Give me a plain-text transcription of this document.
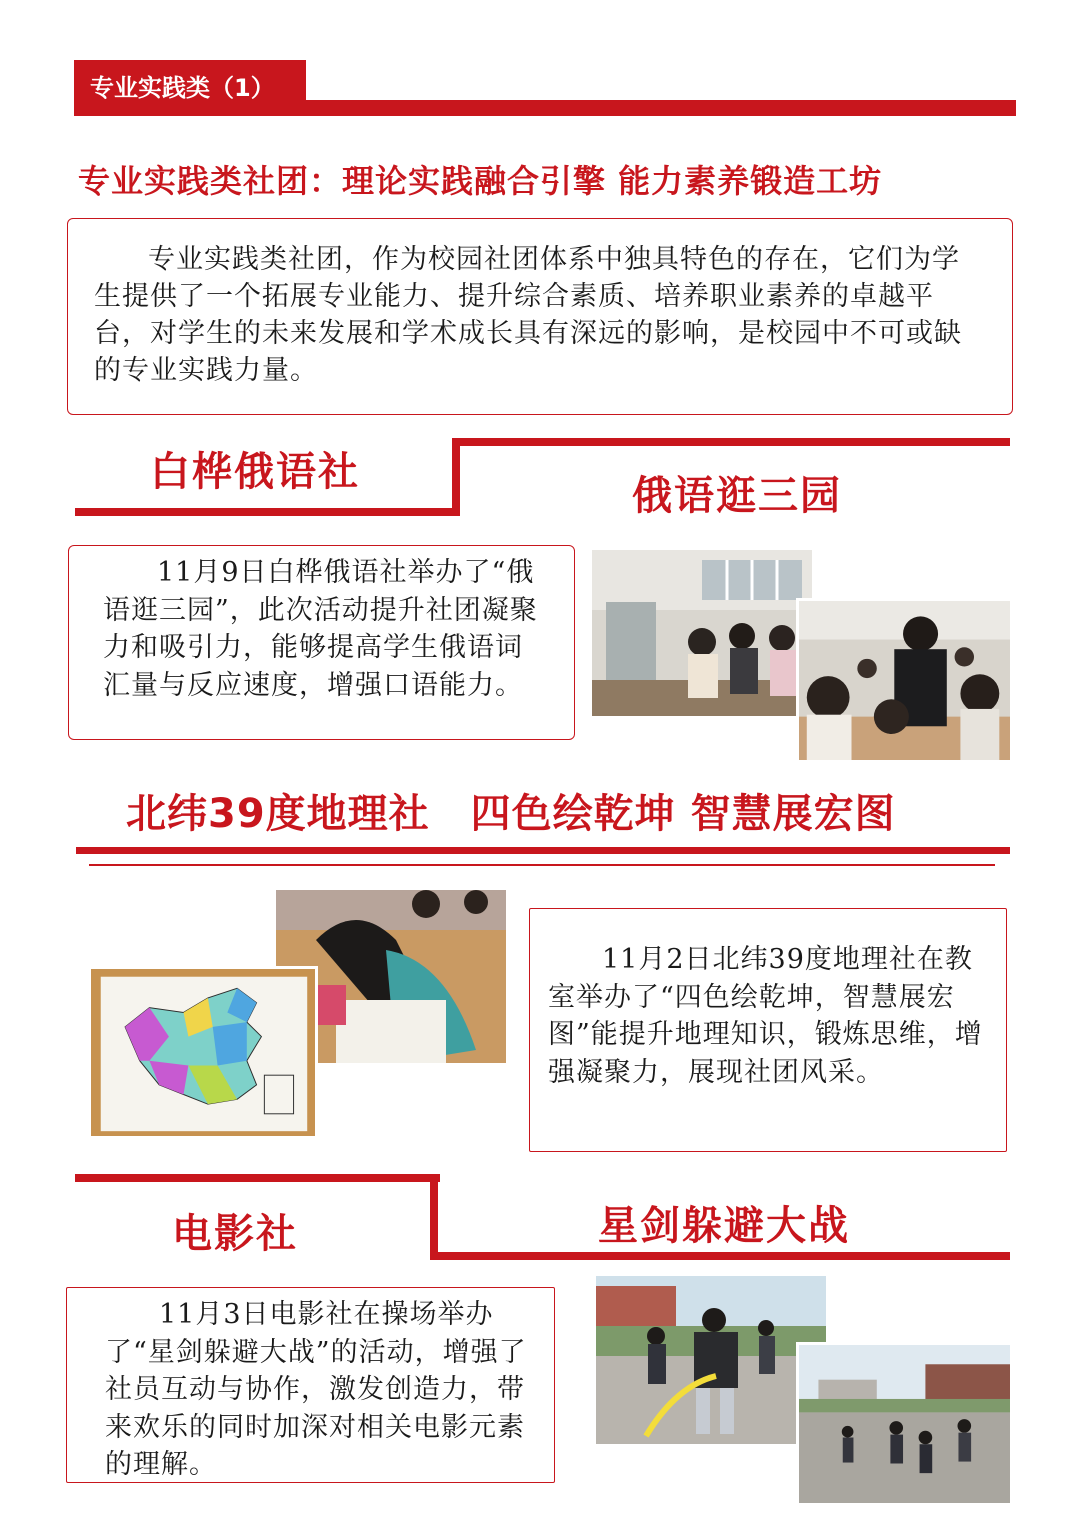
专业实践类（1）
专业实践类社团：理论实践融合引擎 能力素养锻造工坊

专业实践类社团，作为校园社团体系中独具特色的存在，它们为学生提供了一个拓展专业能力、提升综合素质、培养职业素养的卓越平台，对学生的未来发展和学术成长具有深远的影响，是校园中不可或缺的专业实践力量。

白桦俄语社
俄语逛三园

11月9日白桦俄语社举办了“俄语逛三园”，此次活动提升社团凝聚力和吸引力，能够提高学生俄语词汇量与反应速度，增强口语能力。

北纬39度地理社　四色绘乾坤 智慧展宏图

11月2日北纬39度地理社在教室举办了“四色绘乾坤，智慧展宏图”能提升地理知识，锻炼思维，增强凝聚力，展现社团风采。

电影社	星剑躲避大战

11月3日电影社在操场举办了“星剑躲避大战”的活动，增强了社员互动与协作，激发创造力，带来欢乐的同时加深对相关电影元素的理解。
